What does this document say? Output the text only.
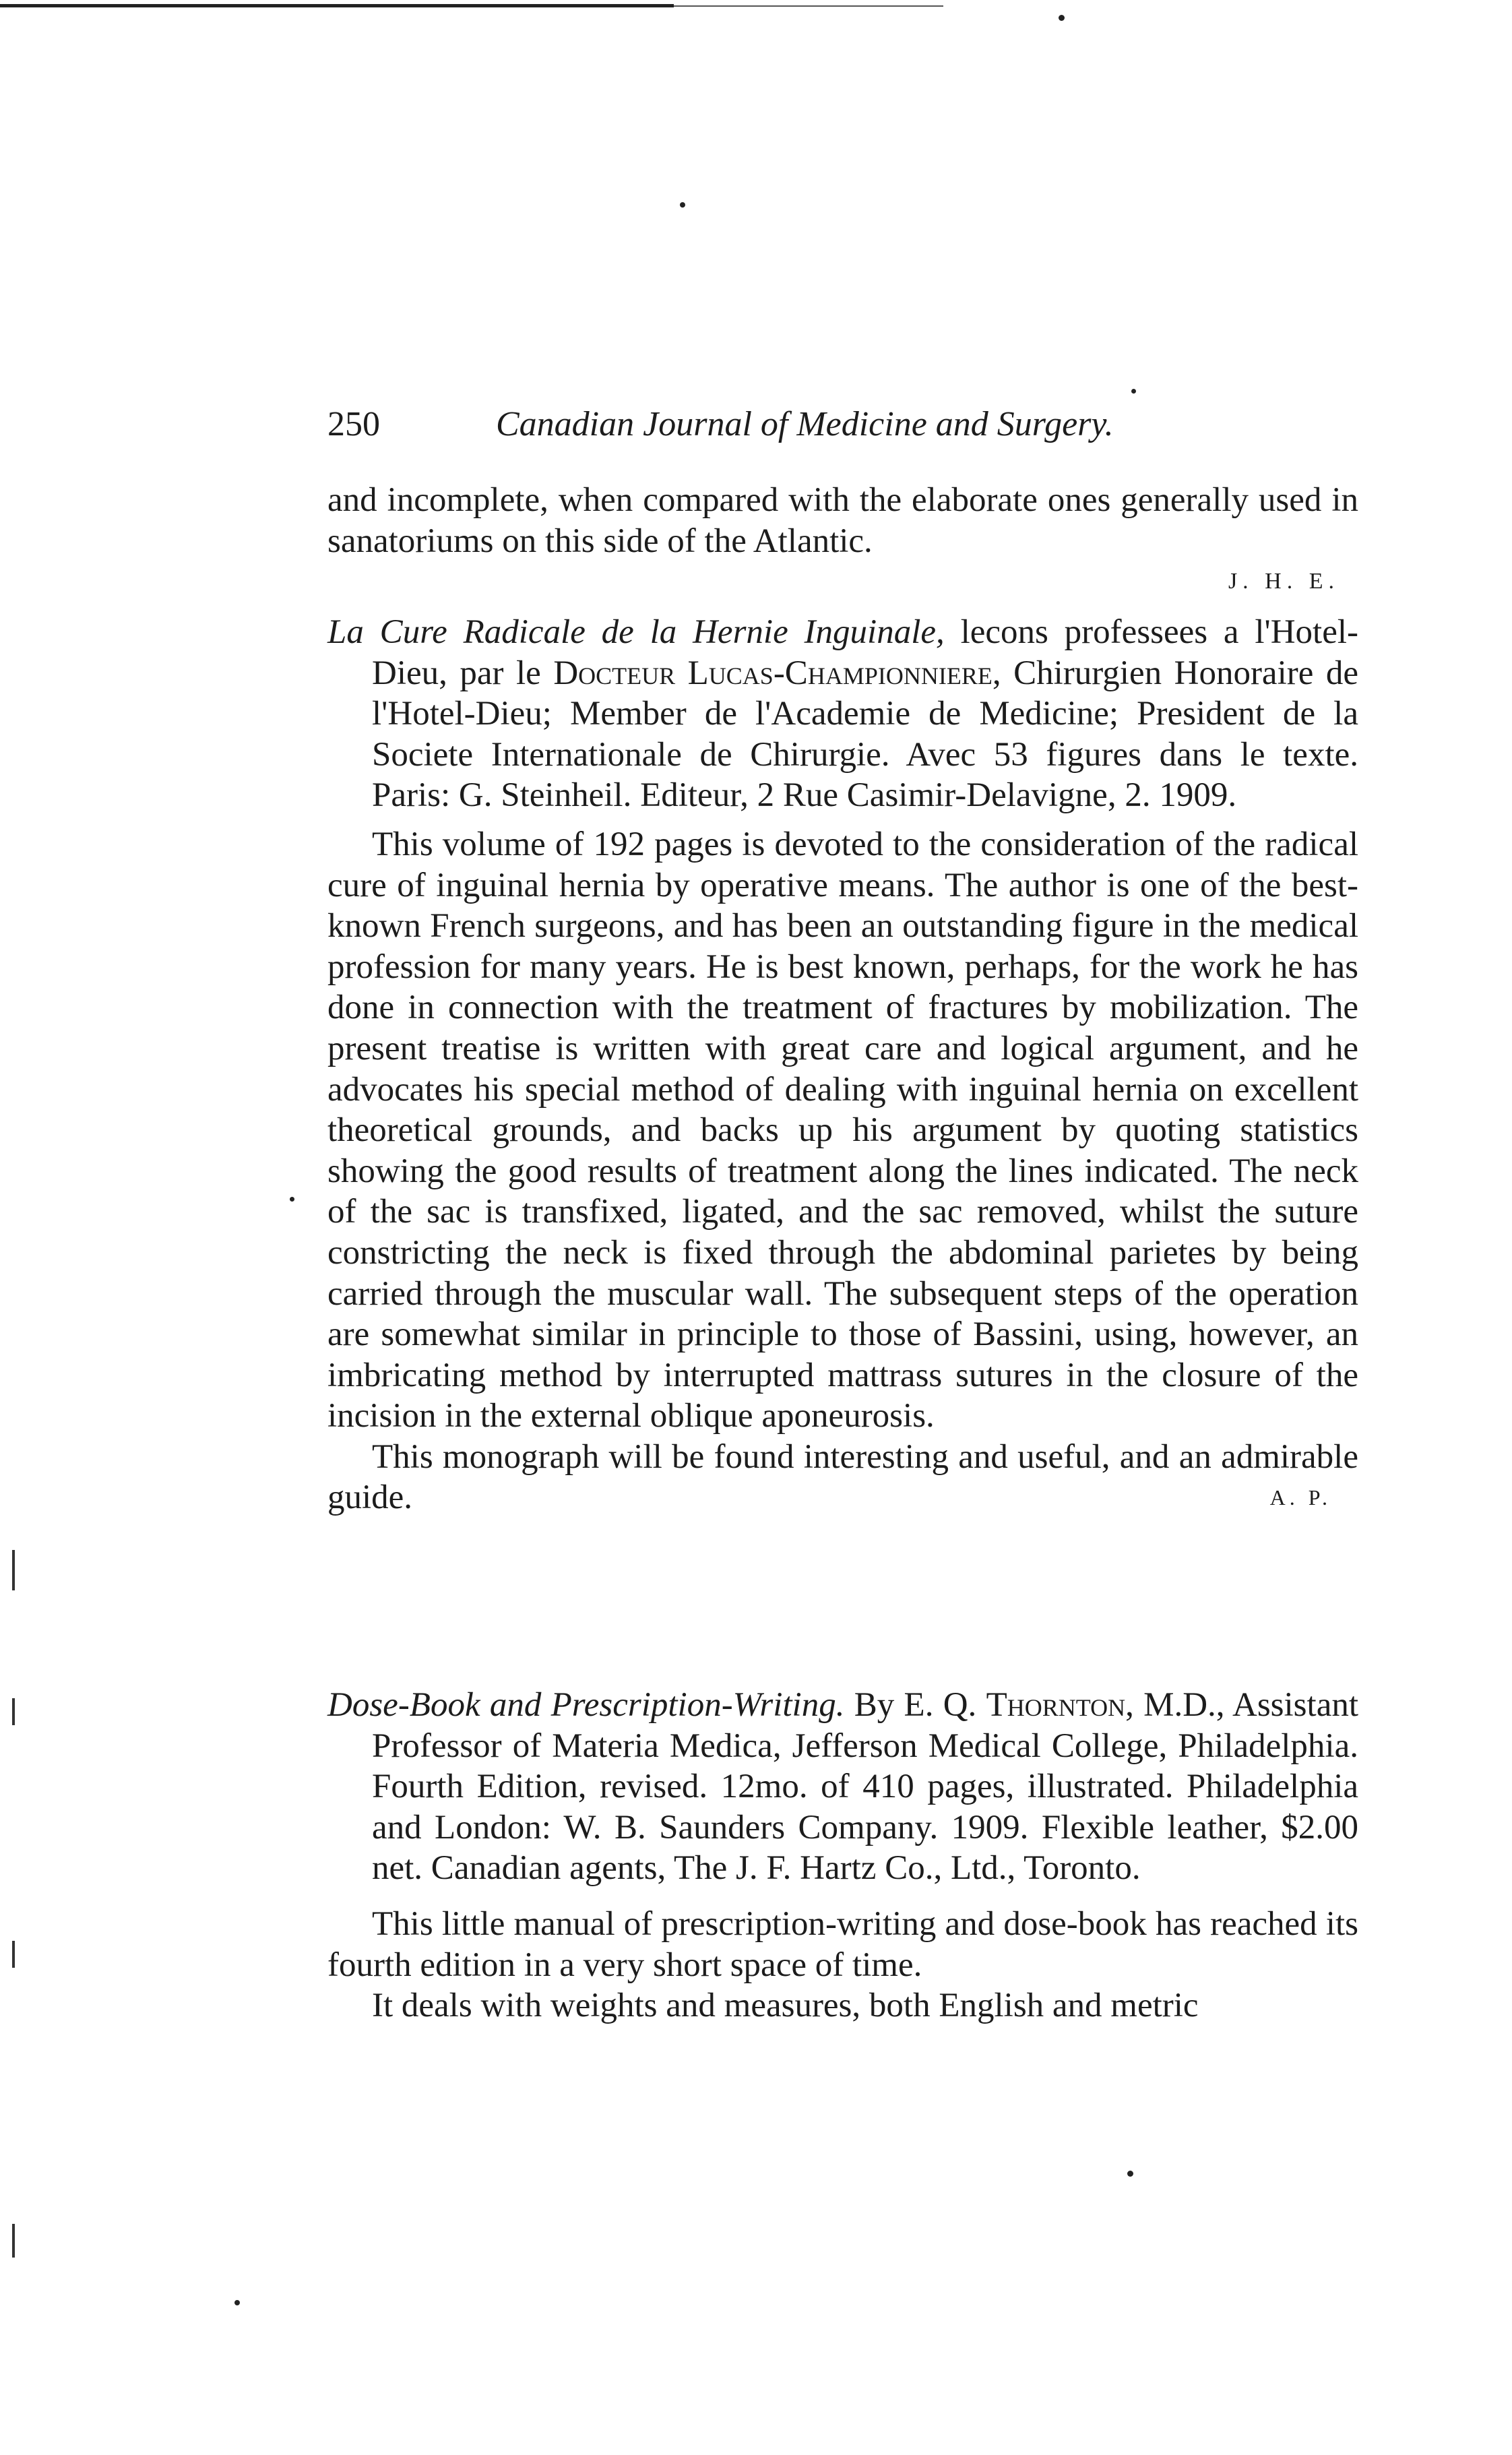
250	Canadian Journal of Medicine and Surgery.

and incomplete, when compared with the elaborate ones generally used in sanatoriums on this side of the Atlantic.

J. H. E.

La Cure Radicale de la Hernie Inguinale, lecons professees a l'Hotel-Dieu, par le Docteur Lucas-Championniere, Chirurgien Honoraire de l'Hotel-Dieu; Member de l'Academie de Medicine; President de la Societe Internationale de Chirurgie. Avec 53 figures dans le texte. Paris: G. Steinheil. Editeur, 2 Rue Casimir-Delavigne, 2. 1909.

This volume of 192 pages is devoted to the consideration of the radical cure of inguinal hernia by operative means. The author is one of the best-known French surgeons, and has been an outstanding figure in the medical profession for many years. He is best known, perhaps, for the work he has done in connection with the treatment of fractures by mobilization. The present treatise is written with great care and logical argument, and he advocates his special method of dealing with inguinal hernia on excellent theoretical grounds, and backs up his argument by quoting statistics showing the good results of treatment along the lines indicated. The neck of the sac is transfixed, ligated, and the sac removed, whilst the suture constricting the neck is fixed through the abdominal parietes by being carried through the muscular wall. The subsequent steps of the operation are somewhat similar in principle to those of Bassini, using, however, an imbricating method by interrupted mattrass sutures in the closure of the incision in the external oblique aponeurosis.

This monograph will be found interesting and useful, and an admirable guide.	A. P.

Dose-Book and Prescription-Writing. By E. Q. Thornton, M.D., Assistant Professor of Materia Medica, Jefferson Medical College, Philadelphia. Fourth Edition, revised. 12mo. of 410 pages, illustrated. Philadelphia and London: W. B. Saunders Company. 1909. Flexible leather, $2.00 net. Canadian agents, The J. F. Hartz Co., Ltd., Toronto.

This little manual of prescription-writing and dose-book has reached its fourth edition in a very short space of time.

It deals with weights and measures, both English and metric
